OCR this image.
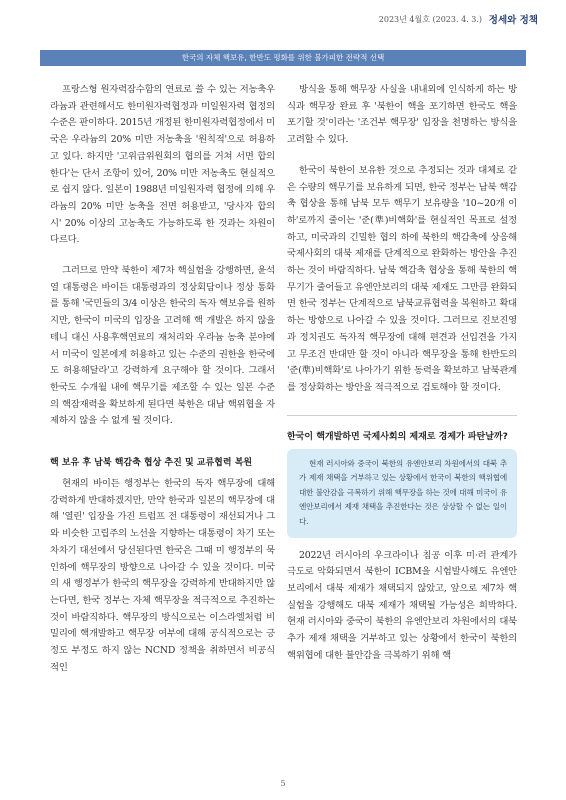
2023년 4월호 (2023. 4. 3.) 정세와 정책
한국의 자체 핵보유, 한반도 평화를 위한 불가피한 전략적 선택

프랑스형 원자력잠수함의 연료로 쓸 수 있는 저농축우라늄과 관련해서도 한미원자력협정과 미일원자력 협정의 수준은 판이하다. 2015년 개정된 한미원자력협정에서 미국은 우라늄의 20% 미만 저농축을 '원칙적'으로 허용하고 있다. 하지만 '고위급위원회의 협의를 거쳐 서면 합의한다'는 단서 조항이 있어, 20% 미만 저농축도 현실적으로 쉽지 않다. 일본이 1988년 미일원자력 협정에 의해 우라늄의 20% 미만 농축을 전면 허용받고, '당사자 합의 시' 20% 이상의 고농축도 가능하도록 한 것과는 차원이 다르다.

그러므로 만약 북한이 제7차 핵실험을 강행하면, 윤석열 대통령은 바이든 대통령과의 정상회담이나 정상 통화를 통해 '국민들의 3/4 이상은 한국의 독자 핵보유를 원하지만, 한국이 미국의 입장을 고려해 핵 개발은 하지 않을 테니 대신 사용후핵연료의 재처리와 우라늄 농축 분야에서 미국이 일본에게 허용하고 있는 수준의 권한을 한국에도 허용해달라'고 강력하게 요구해야 할 것이다. 그래서 한국도 수개월 내에 핵무기를 제조할 수 있는 일본 수준의 핵잠재력을 확보하게 된다면 북한은 대남 핵위협을 자제하지 않을 수 없게 될 것이다.

핵 보유 후 남북 핵감축 협상 추진 및 교류협력 복원

현재의 바이든 행정부는 한국의 독자 핵무장에 대해 강력하게 반대하겠지만, 만약 한국과 일본의 핵무장에 대해 '열린' 입장을 가진 트럼프 전 대통령이 재선되거나 그와 비슷한 고립주의 노선을 지향하는 대통령이 차기 또는 차차기 대선에서 당선된다면 한국은 그때 미 행정부의 묵인하에 핵무장의 방향으로 나아갈 수 있을 것이다. 미국의 새 행정부가 한국의 핵무장을 강력하게 반대하지만 않는다면, 한국 정부는 자체 핵무장을 적극적으로 추진하는 것이 바람직하다. 핵무장의 방식으로는 이스라엘처럼 비밀리에 핵개발하고 핵무장 여부에 대해 공식적으로는 긍정도 부정도 하지 않는 NCND 정책을 취하면서 비공식적인

방식을 통해 핵무장 사실을 내내외에 인식하게 하는 방식과 핵무장 완료 후 '북한이 핵을 포기하면 한국도 핵을 포기할 것'이라는 '조건부 핵무장' 입장을 천명하는 방식을 고려할 수 있다.

한국이 북한이 보유한 것으로 추정되는 것과 대체로 같은 수량의 핵무기를 보유하게 되면, 한국 정부는 남북 핵감축 협상을 통해 남북 모두 핵무기 보유량을 '10~20개 이하'로까지 줄이는 '준(準)비핵화'를 현실적인 목표로 설정하고, 미국과의 긴밀한 협의 하에 북한의 핵감축에 상응해 국제사회의 대북 제재를 단계적으로 완화하는 방안을 추진하는 것이 바람직하다. 남북 핵감축 협상을 통해 북한의 핵무기가 줄어들고 유엔안보리의 대북 제재도 그만큼 완화되면 한국 정부는 단계적으로 남북교류협력을 복원하고 확대하는 방향으로 나아갈 수 있을 것이다. 그러므로 진보진영과 정치권도 독자적 핵무장에 대해 편견과 선입견을 가지고 무조건 반대만 할 것이 아니라 핵무장을 통해 한반도의 '준(準)비핵화'로 나아가기 위한 동력을 확보하고 남북관계를 정상화하는 방안을 적극적으로 검토해야 할 것이다.

한국이 핵개발하면 국제사회의 제재로 경제가 파탄날까?
현재 러시아와 중국이 북한의 유엔안보리 차원에서의 대북 추가 제재 채택을 거부하고 있는 상황에서 한국이 북한의 핵위협에 대한 불안감을 극복하기 위해 핵무장을 하는 것에 대해 미국이 유엔안보리에서 제재 채택을 추진한다는 것은 상상할 수 없는 일이다.

2022년 러시아의 우크라이나 침공 이후 미·러 관계가 극도로 악화되면서 북한이 ICBM을 시험발사해도 유엔안보리에서 대북 제재가 채택되지 않았고, 앞으로 제7차 핵실험을 강행해도 대북 제재가 채택될 가능성은 희박하다. 현재 러시아와 중국이 북한의 유엔안보리 차원에서의 대북 추가 제재 채택을 거부하고 있는 상황에서 한국이 북한의 핵위협에 대한 불안감을 극복하기 위해 핵

5
